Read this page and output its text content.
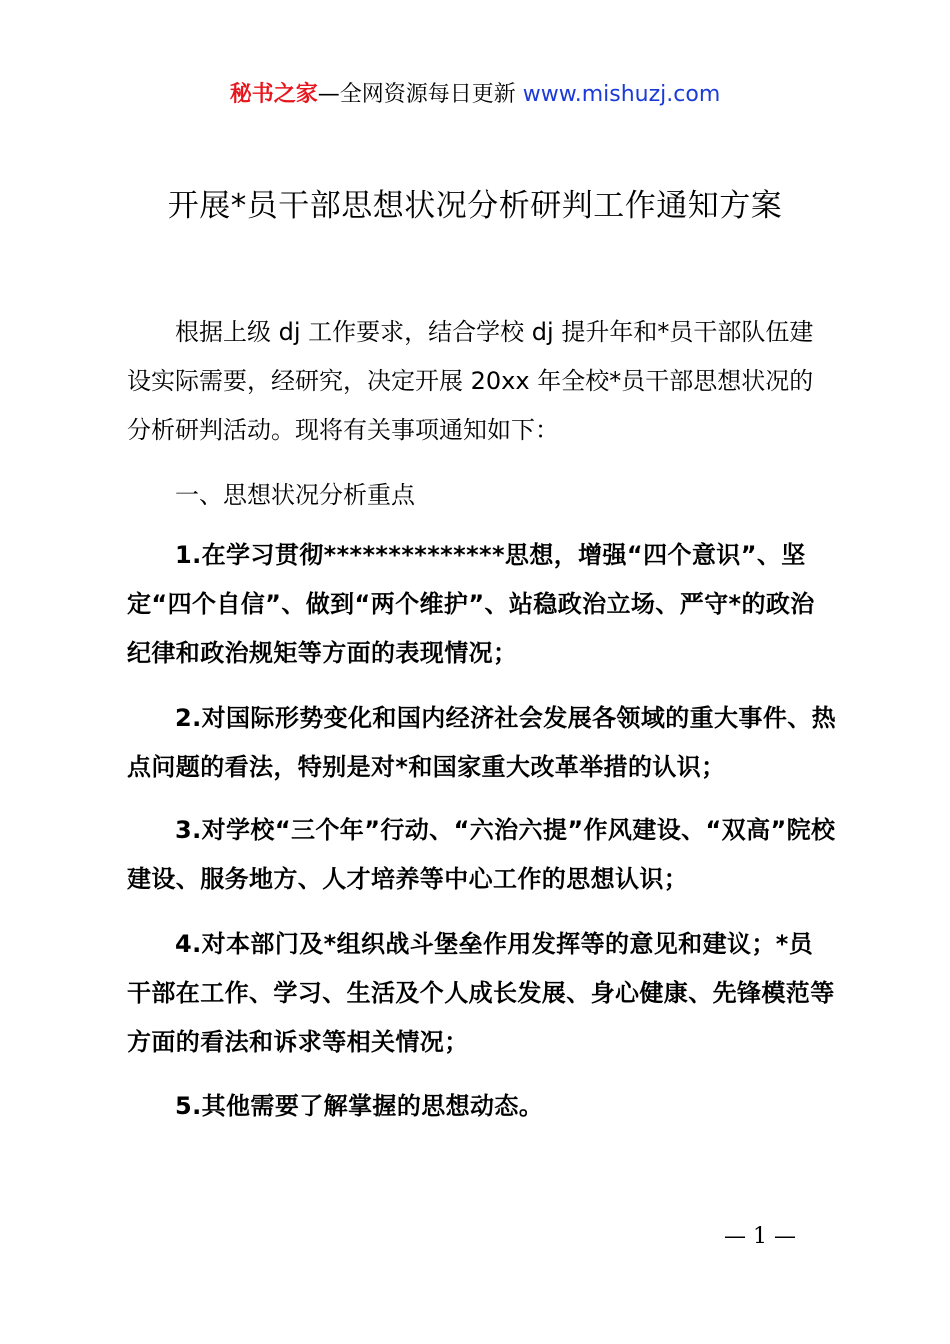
秘书之家—全网资源每日更新 www.mishuzj.com
开展*员干部思想状况分析研判工作通知方案
根据上级 dj 工作要求，结合学校 dj 提升年和*员干部队伍建设实际需要，经研究，决定开展 20xx 年全校*员干部思想状况的分析研判活动。现将有关事项通知如下：
一、思想状况分析重点
1.在学习贯彻**************思想，增强“四个意识”、坚定“四个自信”、做到“两个维护”、站稳政治立场、严守*的政治纪律和政治规矩等方面的表现情况；
2.对国际形势变化和国内经济社会发展各领域的重大事件、热点问题的看法，特别是对*和国家重大改革举措的认识；
3.对学校“三个年”行动、“六治六提”作风建设、“双高”院校建设、服务地方、人才培养等中心工作的思想认识；
4.对本部门及*组织战斗堡垒作用发挥等的意见和建议；*员干部在工作、学习、生活及个人成长发展、身心健康、先锋模范等方面的看法和诉求等相关情况；
5.其他需要了解掌握的思想动态。
— 1 —
